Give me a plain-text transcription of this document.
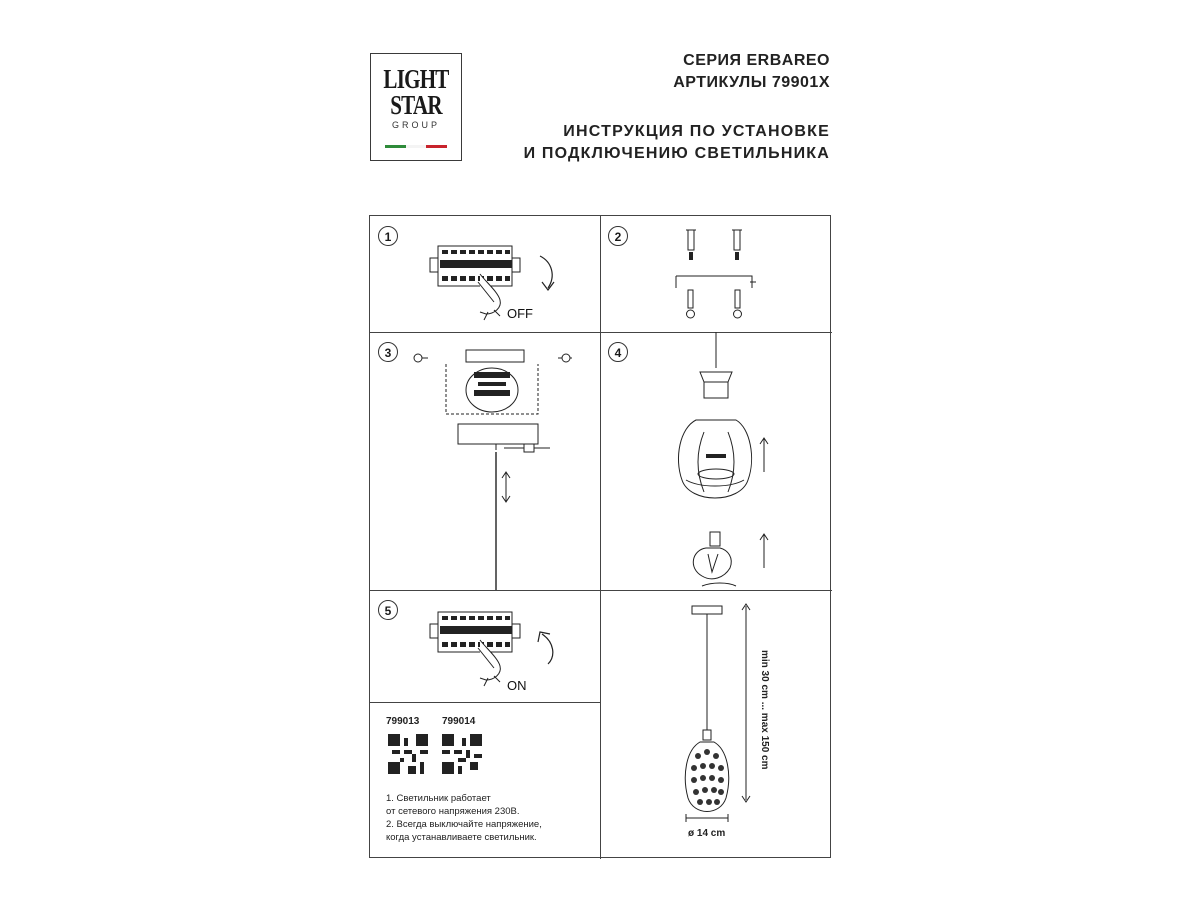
LIGHT
STAR
GROUP
СЕРИЯ ERBAREO
АРТИКУЛЫ 79901Х
ИНСТРУКЦИЯ ПО УСТАНОВКЕ
И ПОДКЛЮЧЕНИЮ СВЕТИЛЬНИКА
1
OFF
2
3	4
5
ON
799013 799014
1. Светильник работает
от сетевого напряжения 230В.
2. Всегда выключайте напряжение,
когда устанавливаете светильник.
min 30 cm ... max 150 cm
ø 14 cm
